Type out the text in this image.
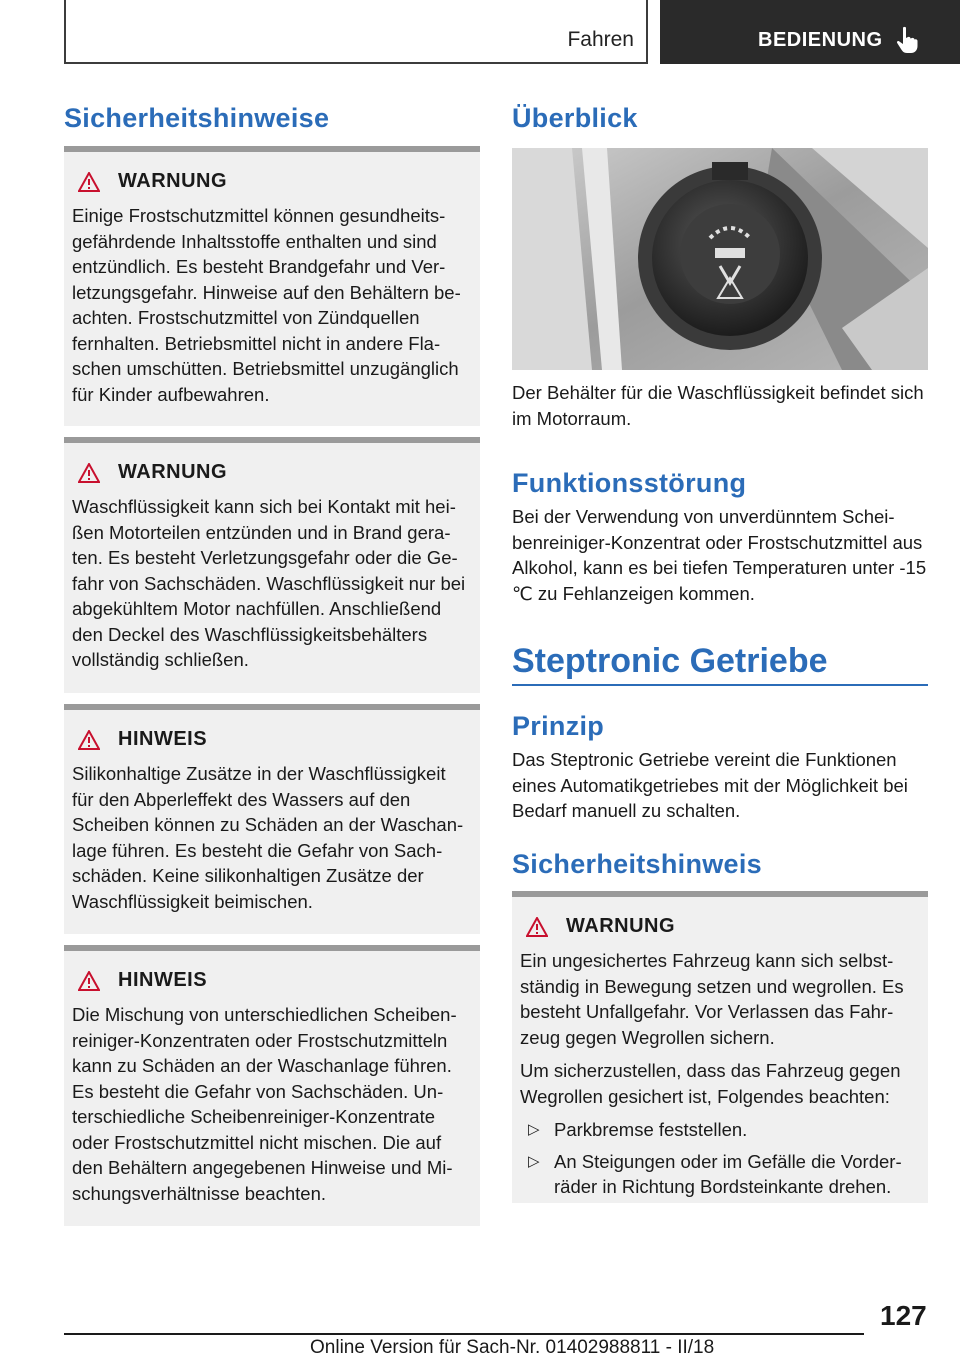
Fahren	BEDIENUNG
Sicherheitshinweise
WARNUNG

Einige Frostschutzmittel können gesundheitsgefährdende Inhaltsstoffe enthalten und sind entzündlich. Es besteht Brandgefahr und Verletzungsgefahr. Hinweise auf den Behältern beachten. Frostschutzmittel von Zündquellen fernhalten. Betriebsmittel nicht in andere Flaschen umschütten. Betriebsmittel unzugänglich für Kinder aufbewahren.

WARNUNG

Waschflüssigkeit kann sich bei Kontakt mit heißen Motorteilen entzünden und in Brand geraten. Es besteht Verletzungsgefahr oder die Gefahr von Sachschäden. Waschflüssigkeit nur bei abgekühltem Motor nachfüllen. Anschließend den Deckel des Waschflüssigkeitsbehälters vollständig schließen.

HINWEIS

Silikonhaltige Zusätze in der Waschflüssigkeit für den Abperleffekt des Wassers auf den Scheiben können zu Schäden an der Waschanlage führen. Es besteht die Gefahr von Sachschäden. Keine silikonhaltigen Zusätze der Waschflüssigkeit beimischen.

HINWEIS

Die Mischung von unterschiedlichen Scheibenreiniger-Konzentraten oder Frostschutzmitteln kann zu Schäden an der Waschanlage führen. Es besteht die Gefahr von Sachschäden. Unterschiedliche Scheibenreiniger-Konzentrate oder Frostschutzmittel nicht mischen. Die auf den Behältern angegebenen Hinweise und Mischungsverhältnisse beachten.

Überblick

Der Behälter für die Waschflüssigkeit befindet sich im Motorraum.

Funktionsstörung

Bei der Verwendung von unverdünntem Scheibenreiniger-Konzentrat oder Frostschutzmittel aus Alkohol, kann es bei tiefen Temperaturen unter -15 ℃ zu Fehlanzeigen kommen.

Steptronic Getriebe
Prinzip

Das Steptronic Getriebe vereint die Funktionen eines Automatikgetriebes mit der Möglichkeit bei Bedarf manuell zu schalten.

Sicherheitshinweis
WARNUNG

Ein ungesichertes Fahrzeug kann sich selbstständig in Bewegung setzen und wegrollen. Es besteht Unfallgefahr. Vor Verlassen das Fahrzeug gegen Wegrollen sichern.

Um sicherzustellen, dass das Fahrzeug gegen Wegrollen gesichert ist, Folgendes beachten:

▷ Parkbremse feststellen.
▷ An Steigungen oder im Gefälle die Vorderräder in Richtung Bordsteinkante drehen.
127
Online Version für Sach-Nr. 01402988811 - II/18
